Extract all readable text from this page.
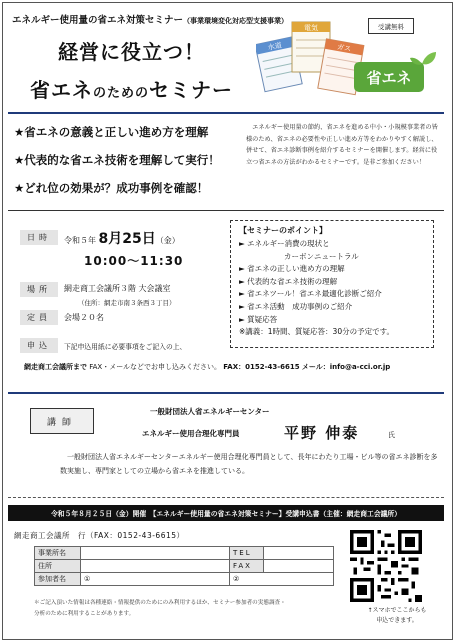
エネルギー使用量の省エネ対策セミナー（事業環境変化対応型支援事業）
受講無料
経営に役立つ！
省エネのためのセミナー
水道
電気
ガス
省エネ
★省エネの意義と正しい進め方を理解
★代表的な省エネ技術を理解して実行！
★どれ位の効果が？成功事例を確認！
エネルギー使用量の節約、省エネを進める中小・小規模事業者の皆様のため、省エネの必要性や正しい進め方等をわかりやすく解説し、併せて、省エネ診断事例を紹介するセミナーを開催します。経営に役立つ省エネの方法がわかるセミナーです。是非ご参加ください！
日時	令和５年 8月25日（金）
10:00～11:30
場所	網走商工会議所３階 大会議室
（住所：網走市南３条西３丁目）
定員	会場２０名
申込	下記申込用紙に必要事項をご記入の上、
【セミナーのポイント】
► エネルギー消費の現状と
　　　　　　カーボンニュートラル
► 省エネの正しい進め方の理解
► 代表的な省エネ技術の理解
► 省エネツール！省エネ最適化診断ご紹介
► 省エネ活動　成功事例のご紹介
► 質疑応答
※講義：1時間、質疑応答：30分の予定です。
網走商工会議所まで FAX・メールなどでお申し込みください。 FAX：0152-43-6615 メール：info@a-cci.or.jp
講師
一般財団法人省エネルギーセンター
エネルギー使用合理化専門員	平野 伸泰	氏
一般財団法人省エネルギーセンターエネルギー使用合理化専門員として、長年にわたり工場・ビル等の省エネ診断を多数実施し、専門家としての立場から省エネを推進している。
令和５年８月２５日（金）開催　【エネルギー使用量の省エネ対策セミナー】受講申込書（主催：網走商工会議所）
網走商工会議所　行（FAX：0152-43-6615）
事業所名		TEL	
住所		FAX	
参加者名	①	②	
＊ご記入頂いた情報は各種連絡・情報提供のためにのみ利用するほか、セミナー参加者の実態調査・
分析のために利用することがあります。	↑スマホでここからも
申込できます。
